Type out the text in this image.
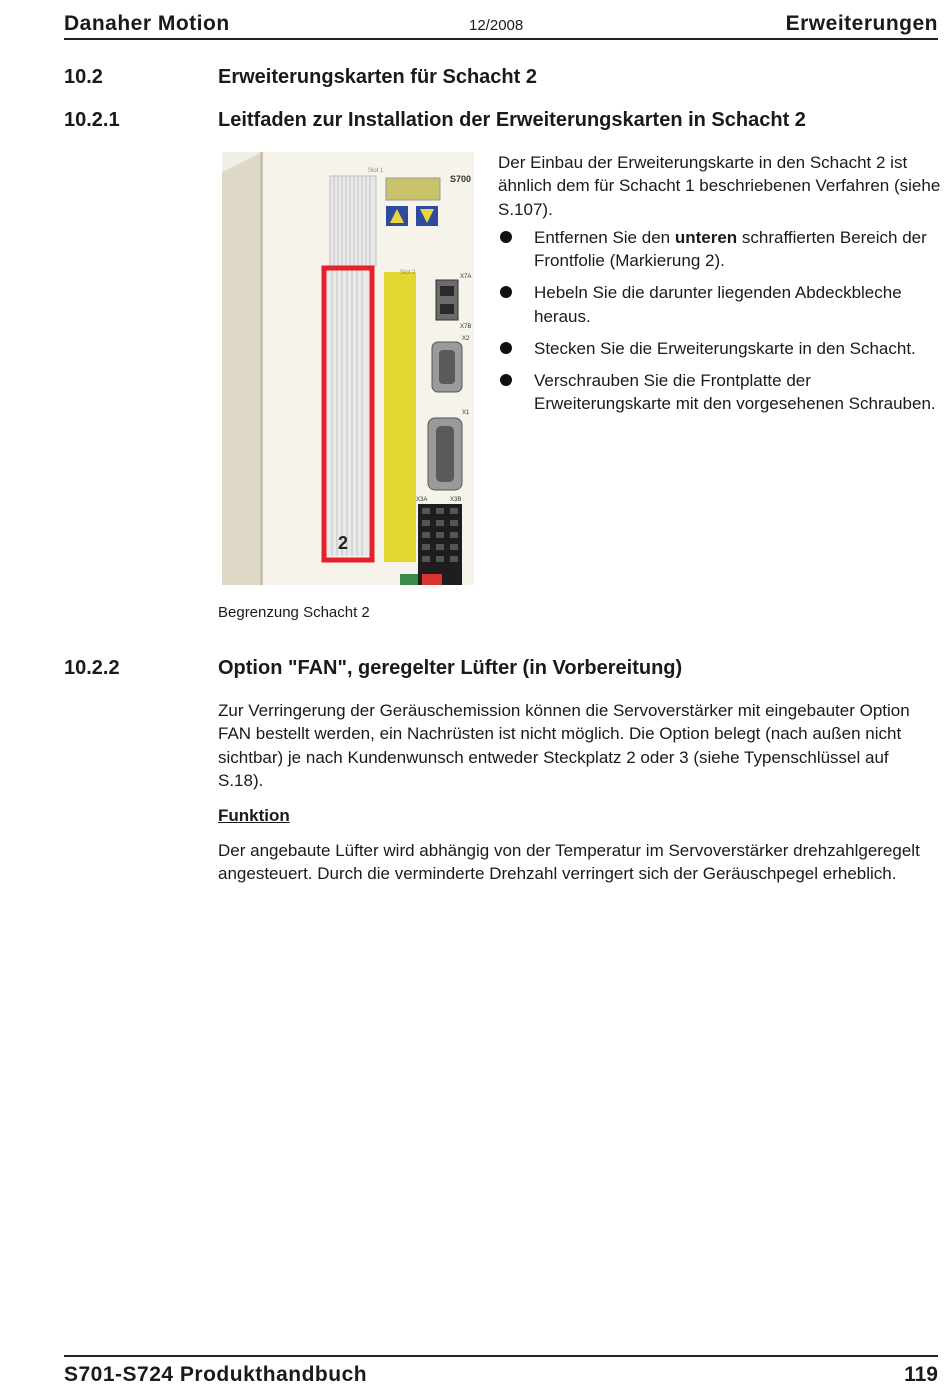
Danaher Motion	12/2008	Erweiterungen
10.2	Erweiterungskarten für Schacht 2
10.2.1	Leitfaden zur Installation der Erweiterungskarten in Schacht 2
Slot 1
S700
2
Slot 2
X7A
X7B
X2
X1
X3A	X3B
Der Einbau der Erweiterungskarte in den Schacht 2 ist ähnlich dem für Schacht 1 beschriebenen Verfahren (siehe S.107).
Entfernen Sie den unteren schraffierten Bereich der Frontfolie (Markierung 2).
Hebeln Sie die darunter liegenden Abdeckbleche heraus.
Stecken Sie die Erweiterungskarte in den Schacht.
Verschrauben Sie die Frontplatte der Erweiterungskarte mit den vorgesehenen Schrauben.
Begrenzung Schacht 2
10.2.2	Option "FAN", geregelter Lüfter (in Vorbereitung)
Zur Verringerung der Geräuschemission können die Servoverstärker mit eingebauter Option FAN bestellt werden, ein Nachrüsten ist nicht möglich. Die Option belegt (nach außen nicht sichtbar) je nach Kundenwunsch entweder Steckplatz 2 oder 3 (siehe Typenschlüssel auf S.18).
Funktion
Der angebaute Lüfter wird abhängig von der Temperatur im Servoverstärker drehzahlgeregelt angesteuert. Durch die verminderte Drehzahl verringert sich der Geräuschpegel erheblich.
S701-S724 Produkthandbuch	119
